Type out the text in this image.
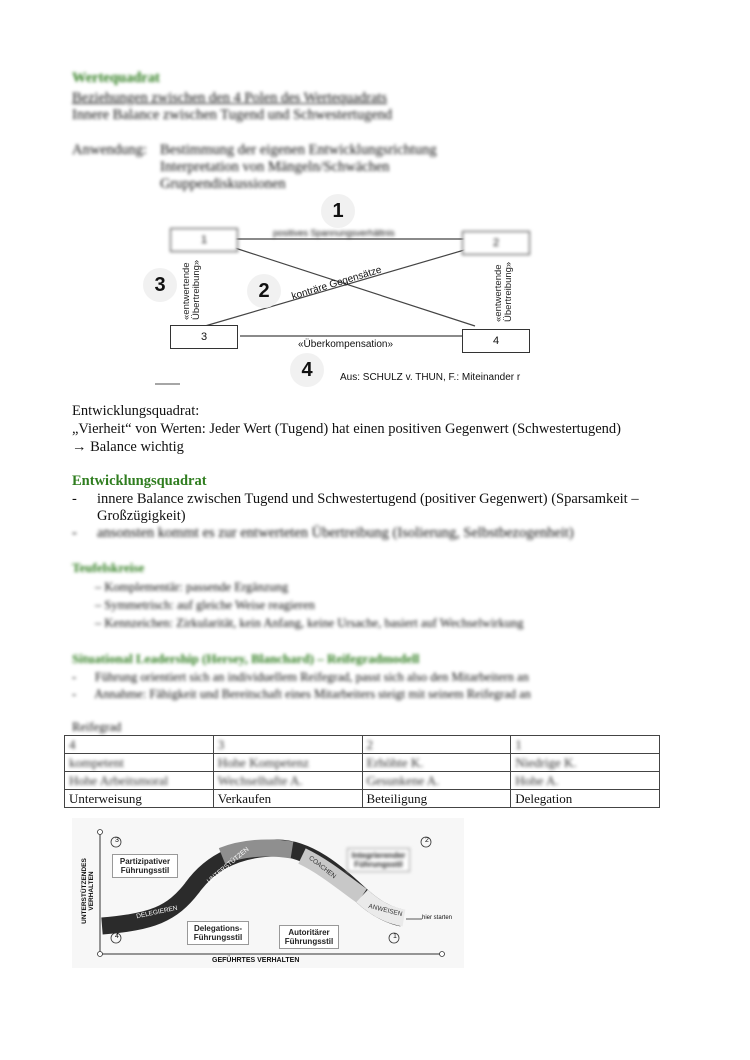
Wertequadrat
Beziehungen zwischen den 4 Polen des Wertequadrats
Innere Balance zwischen Tugend und Schwestertugend
Anwendung: Bestimmung der eigenen Entwicklungsrichtung
Interpretation von Mängeln/Schwächen
Gruppendiskussionen
1	2
3	4
positives Spannungsverhältnis
konträre Gegensätze
«Überkompensation»
«entwertende Übertreibung»	«entwertende Übertreibung»
1
2
3
4	Aus: SCHULZ v. THUN, F.: Miteinander r
Entwicklungsquadrat:
„Vierheit“ von Werten: Jeder Wert (Tugend) hat einen positiven Gegenwert (Schwestertugend)
→ Balance wichtig
Entwicklungsquadrat
- innere Balance zwischen Tugend und Schwestertugend (positiver Gegenwert) (Sparsamkeit –
Großzügigkeit)
- ansonsten kommt es zur entwerteten Übertreibung (Isolierung, Selbstbezogenheit)
Teufelskreise
– Komplementär: passende Ergänzung
– Symmetrisch: auf gleiche Weise reagieren
– Kennzeichen: Zirkularität, kein Anfang, keine Ursache, basiert auf Wechselwirkung
Situational Leadership (Hersey, Blanchard) – Reifegradmodell
-      Führung orientiert sich an individuellem Reifegrad, passt sich also den Mitarbeitern an
-      Annahme: Fähigkeit und Bereitschaft eines Mitarbeiters steigt mit seinem Reifegrad an
Reifegrad
4	3	2	1
kompetent	Hohe Kompetenz	Erhöhte K.	Niedrige K.
Hohe Arbeitsmoral	Wechselhafte A.	Gesunkene A.	Hohe A.
Unterweisung	Verkaufen	Beteiligung	Delegation
3	2
4	1
UNTERSTÜTZENDES VERHALTEN
GEFÜHRTES VERHALTEN
Partizipativer Führungsstil
Integrierender Führungsstil
Delegations-Führungsstil
Autoritärer Führungsstil
DELEGIEREN
UNTERSTÜTZEN	COACHEN
ANWEISEN	hier starten
